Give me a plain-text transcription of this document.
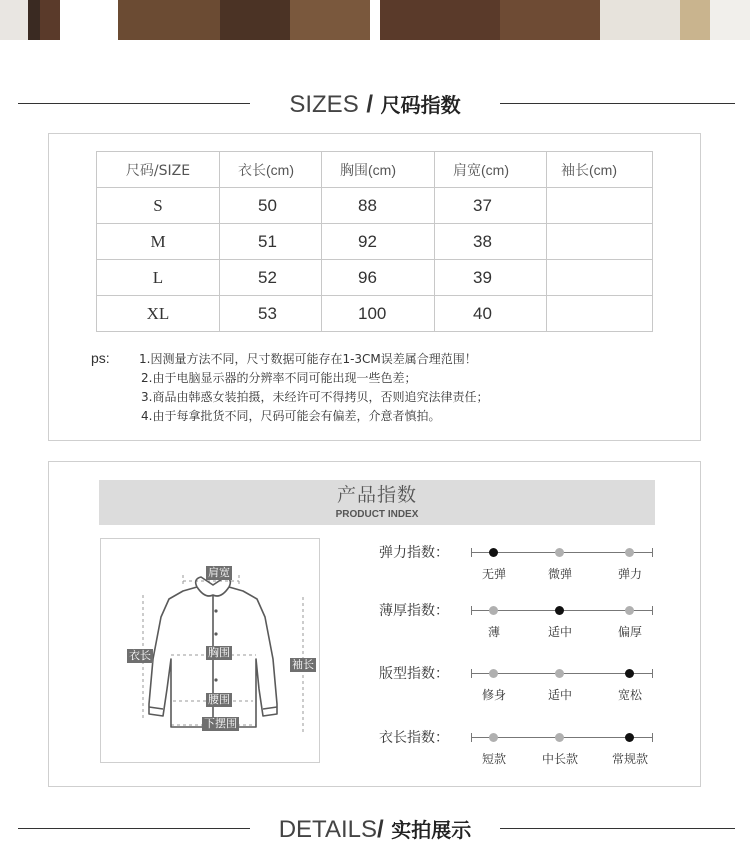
SIZES / 尺码指数
尺码/SIZE	衣长(cm)	胸围(cm)	肩宽(cm)	袖长(cm)
S	50	88	37	
M	51	92	38	
L	52	96	39	
XL	53	100	40	
ps: 1.因测量方法不同，尺寸数据可能存在1-3CM误差属合理范围！
2.由于电脑显示器的分辨率不同可能出现一些色差；
3.商品由韩惑女装拍摄，未经许可不得拷贝，否则追究法律责任；
4.由于每拿批货不同，尺码可能会有偏差，介意者慎拍。
产品指数
PRODUCT INDEX
肩宽
衣长	胸围
袖长
腰围
下摆围
弹力指数：
无弹	微弹	弹力
薄厚指数：
薄	适中	偏厚
版型指数：
修身	适中	宽松
衣长指数：
短款	中长款	常规款
DETAILS/ 实拍展示
